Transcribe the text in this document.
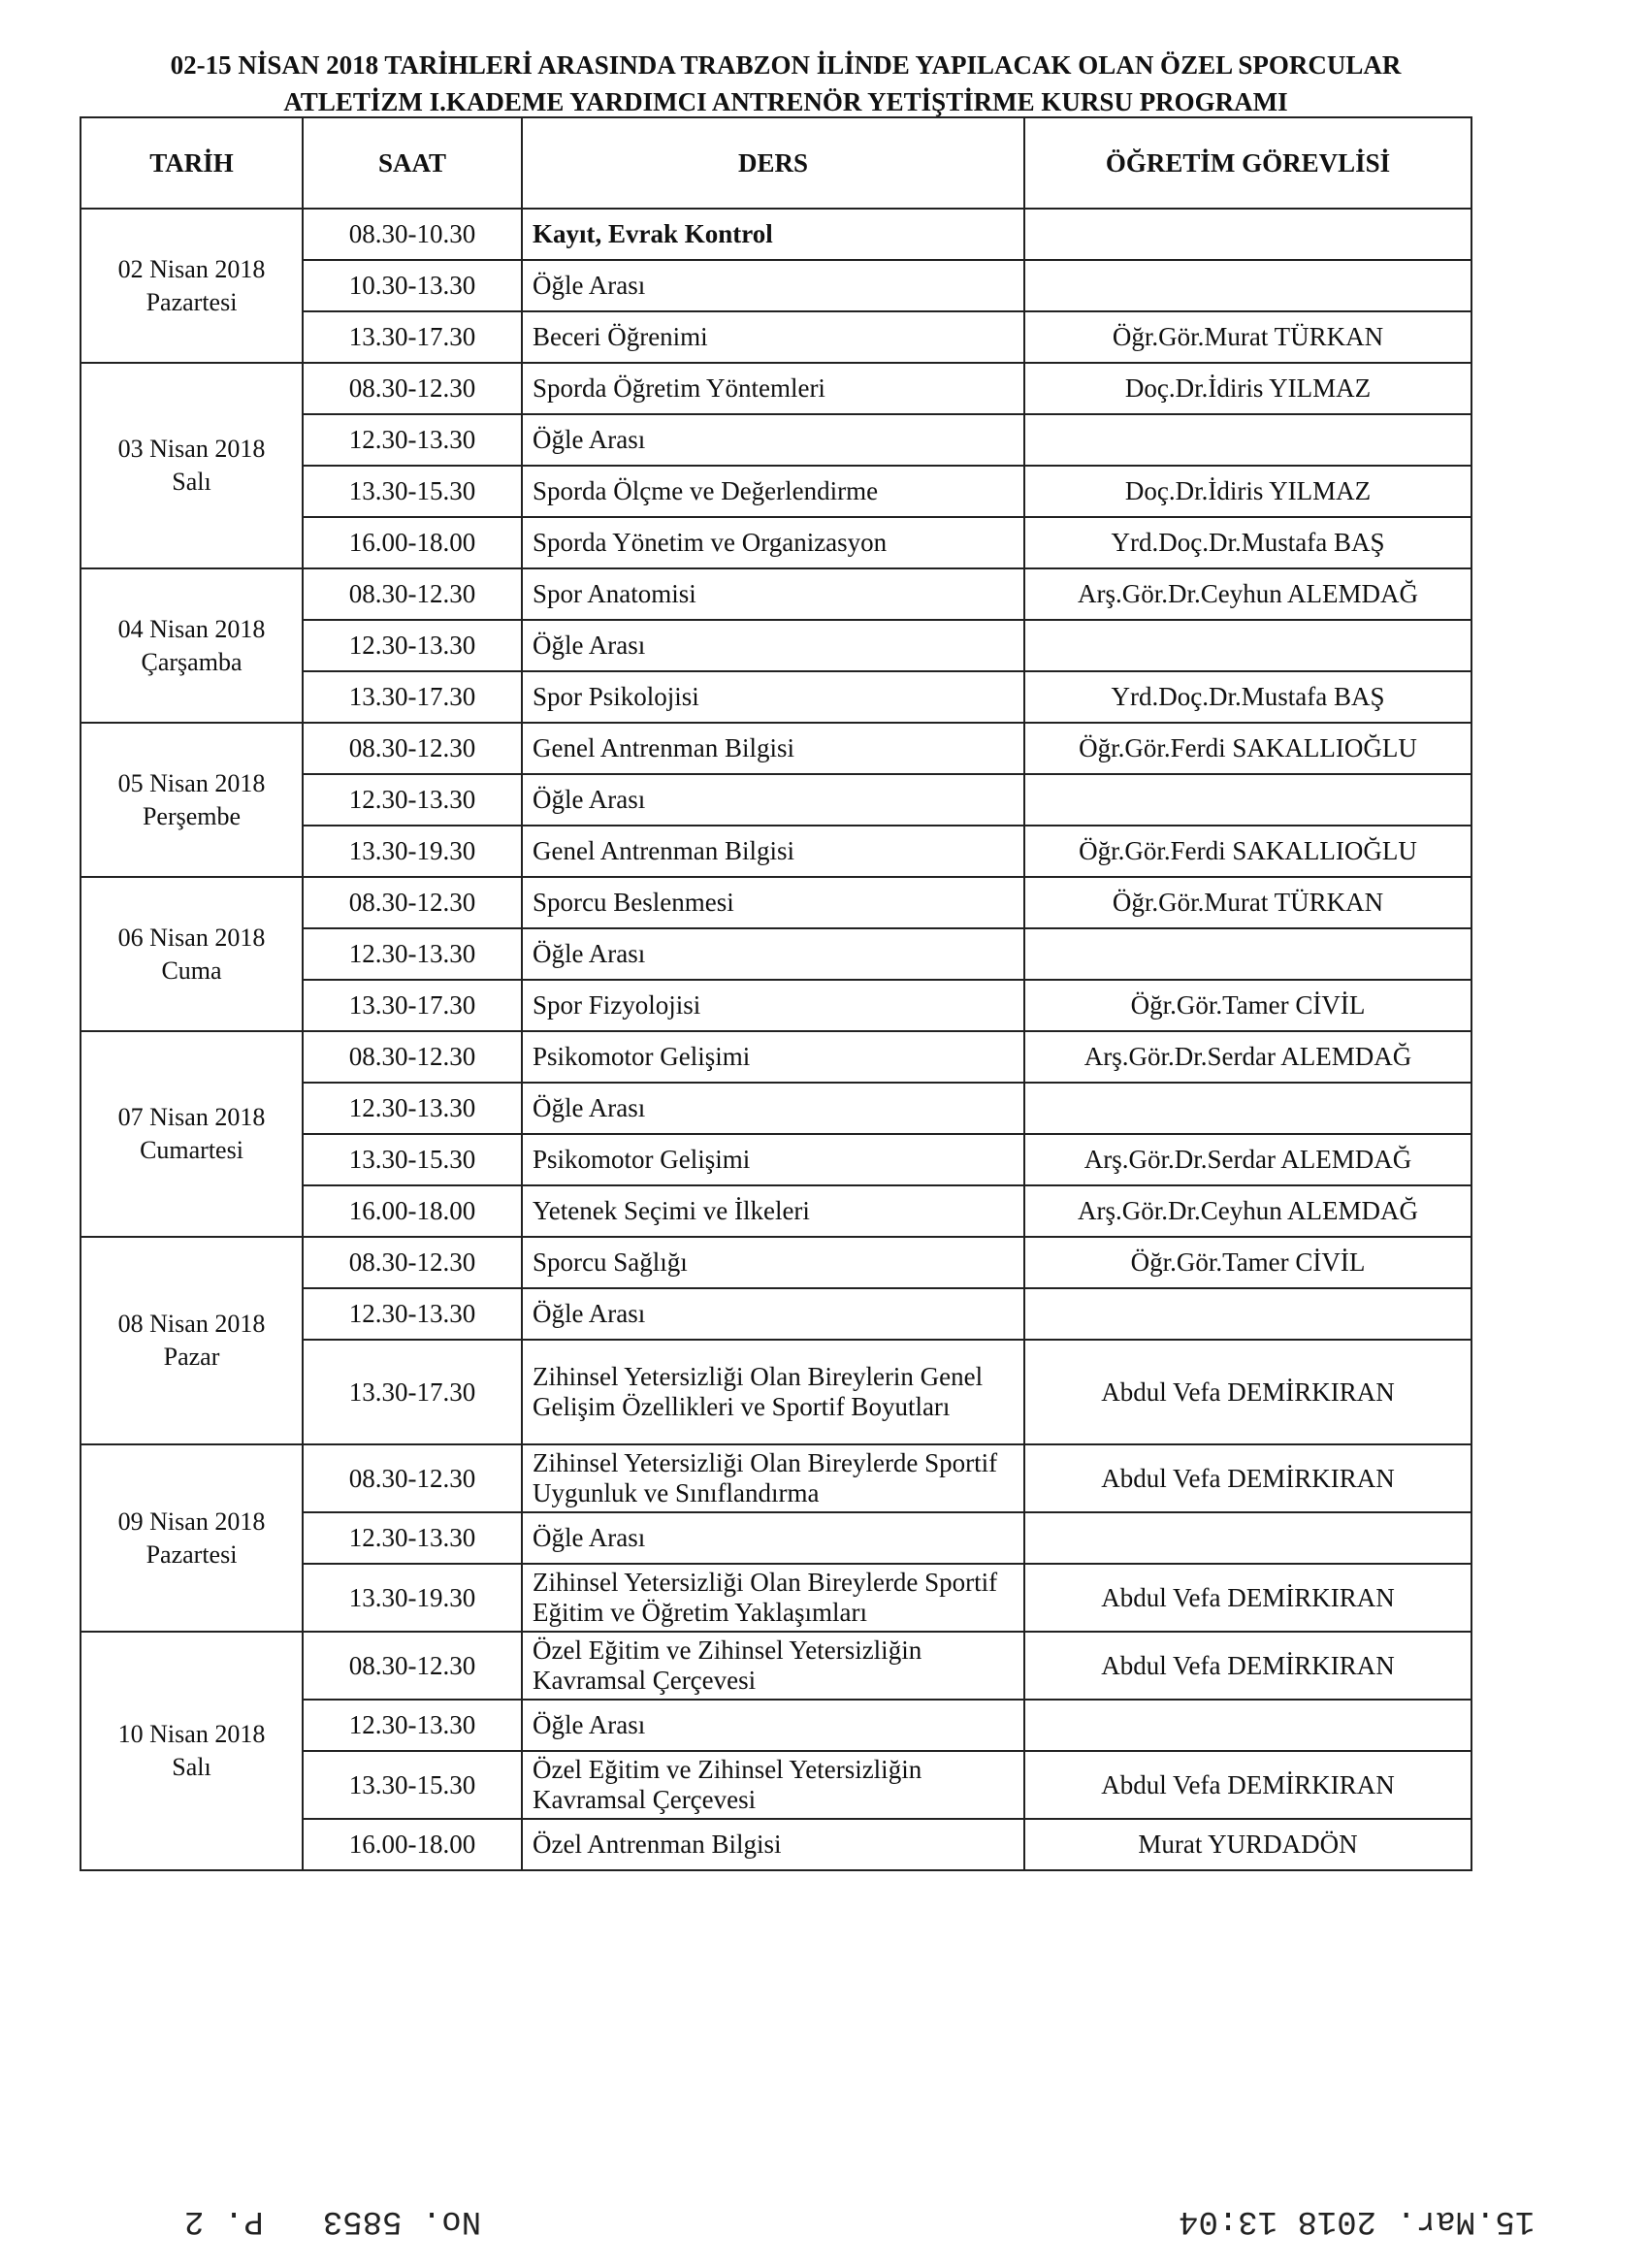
02-15 NİSAN 2018 TARİHLERİ ARASINDA TRABZON İLİNDE YAPILACAK OLAN ÖZEL SPORCULAR
ATLETİZM I.KADEME YARDIMCI ANTRENÖR YETİŞTİRME KURSU PROGRAMI
TARİH	SAAT	DERS	ÖĞRETİM GÖREVLİSİ

02 Nisan 2018
Pazartesi	08.30-10.30	Kayıt, Evrak Kontrol	
	10.30-13.30	Öğle Arası	
	13.30-17.30	Beceri Öğrenimi	Öğr.Gör.Murat TÜRKAN

03 Nisan 2018
Salı	08.30-12.30	Sporda Öğretim Yöntemleri	Doç.Dr.İdiris YILMAZ
	12.30-13.30	Öğle Arası	
	13.30-15.30	Sporda Ölçme ve Değerlendirme	Doç.Dr.İdiris YILMAZ
	16.00-18.00	Sporda Yönetim ve Organizasyon	Yrd.Doç.Dr.Mustafa BAŞ

04 Nisan 2018
Çarşamba	08.30-12.30	Spor Anatomisi	Arş.Gör.Dr.Ceyhun ALEMDAĞ
	12.30-13.30	Öğle Arası	
	13.30-17.30	Spor Psikolojisi	Yrd.Doç.Dr.Mustafa BAŞ

05 Nisan 2018
Perşembe	08.30-12.30	Genel Antrenman Bilgisi	Öğr.Gör.Ferdi SAKALLIOĞLU
	12.30-13.30	Öğle Arası	
	13.30-19.30	Genel Antrenman Bilgisi	Öğr.Gör.Ferdi SAKALLIOĞLU

06 Nisan 2018
Cuma	08.30-12.30	Sporcu Beslenmesi	Öğr.Gör.Murat TÜRKAN
	12.30-13.30	Öğle Arası	
	13.30-17.30	Spor Fizyolojisi	Öğr.Gör.Tamer CİVİL

07 Nisan 2018
Cumartesi	08.30-12.30	Psikomotor Gelişimi	Arş.Gör.Dr.Serdar ALEMDAĞ
	12.30-13.30	Öğle Arası	
	13.30-15.30	Psikomotor Gelişimi	Arş.Gör.Dr.Serdar ALEMDAĞ
	16.00-18.00	Yetenek Seçimi ve İlkeleri	Arş.Gör.Dr.Ceyhun ALEMDAĞ

08 Nisan 2018
Pazar	08.30-12.30	Sporcu Sağlığı	Öğr.Gör.Tamer CİVİL
	12.30-13.30	Öğle Arası	
	13.30-17.30	Zihinsel Yetersizliği Olan Bireylerin Genel Gelişim Özellikleri ve Sportif Boyutları	Abdul Vefa DEMİRKIRAN

09 Nisan 2018
Pazartesi	08.30-12.30	Zihinsel Yetersizliği Olan Bireylerde Sportif Uygunluk ve Sınıflandırma	Abdul Vefa DEMİRKIRAN
	12.30-13.30	Öğle Arası	
	13.30-19.30	Zihinsel Yetersizliği Olan Bireylerde Sportif Eğitim ve Öğretim Yaklaşımları	Abdul Vefa DEMİRKIRAN

10 Nisan 2018
Salı	08.30-12.30	Özel Eğitim ve Zihinsel Yetersizliğin Kavramsal Çerçevesi	Abdul Vefa DEMİRKIRAN
	12.30-13.30	Öğle Arası	
	13.30-15.30	Özel Eğitim ve Zihinsel Yetersizliğin Kavramsal Çerçevesi	Abdul Vefa DEMİRKIRAN
	16.00-18.00	Özel Antrenman Bilgisi	Murat YURDADÖN
No. 5853   P. 2	15.Mar. 2018 13:04
